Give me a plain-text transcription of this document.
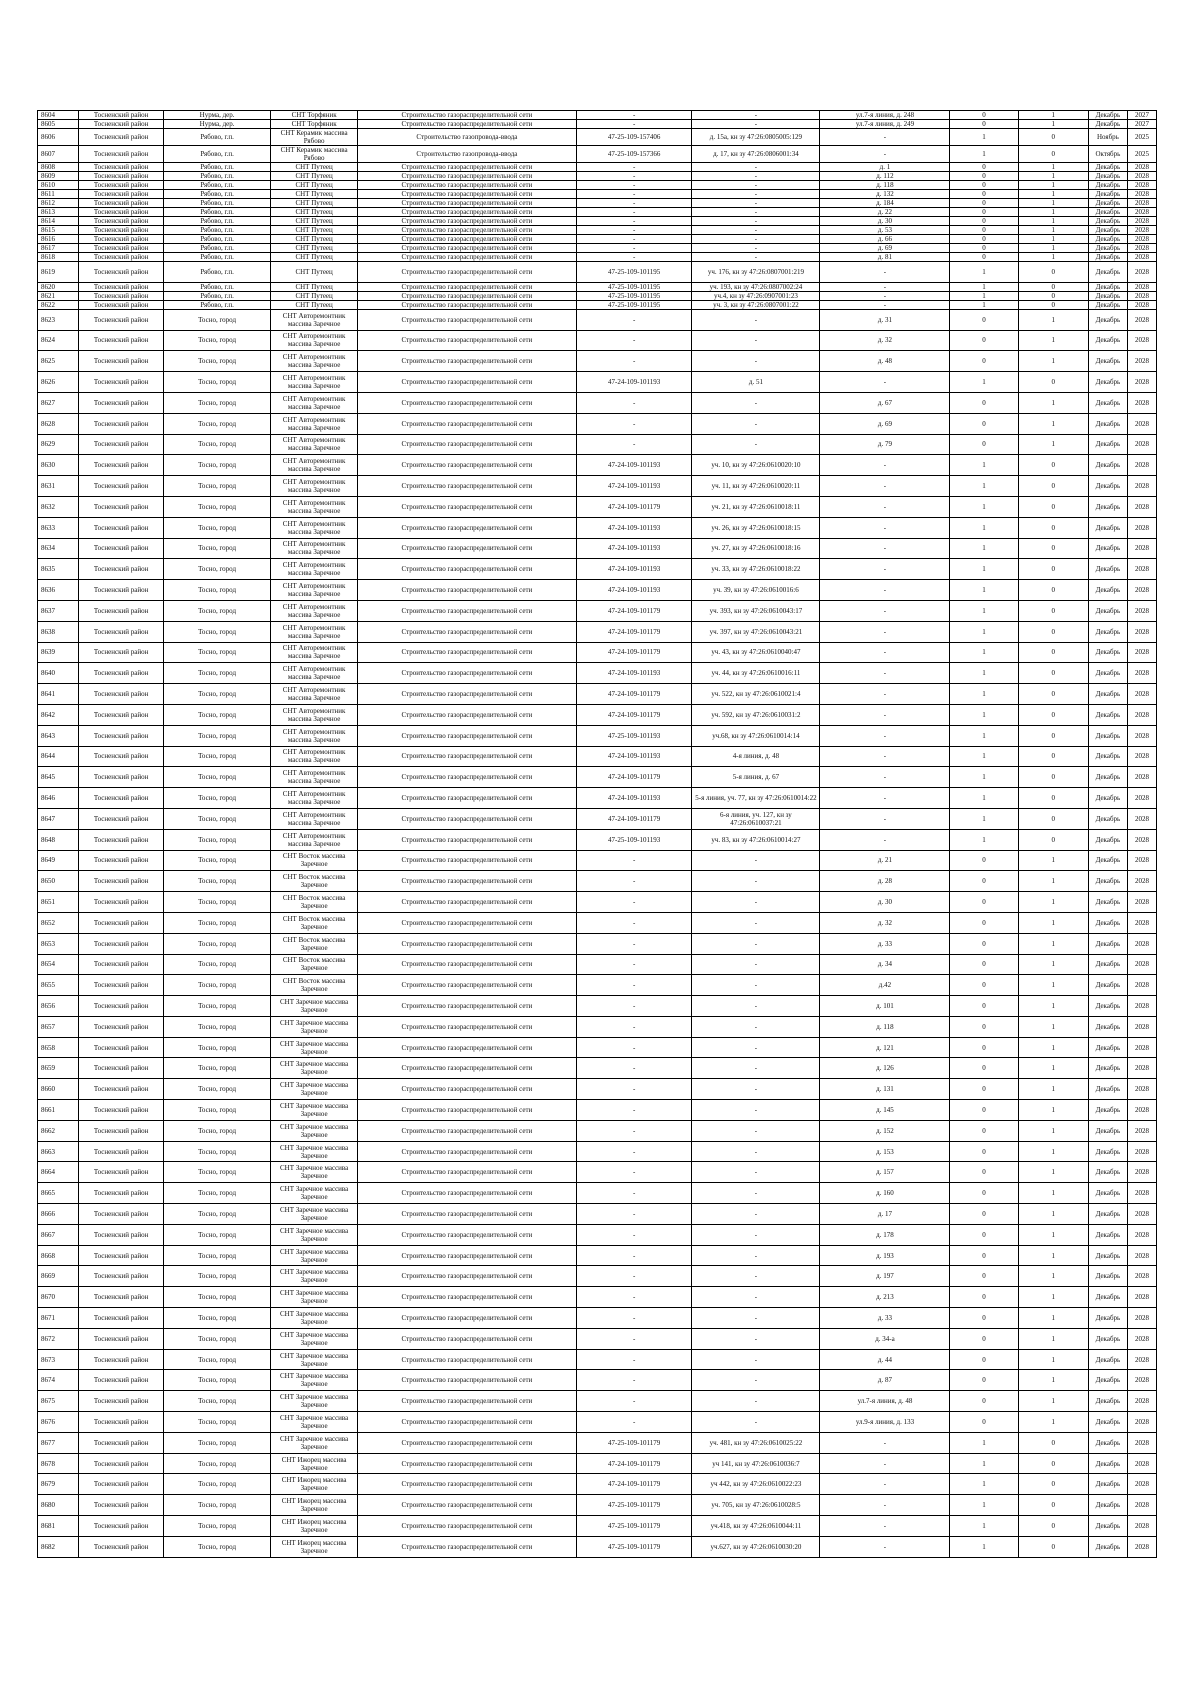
8604	Тосненский район	Нурма, дер.	СНТ Торфяник	Строительство газораспределительной сети	-	-	ул.7-я линия, д. 248	0	1	Декабрь	2027
8605	Тосненский район	Нурма, дер.	СНТ Торфяник	Строительство газораспределительной сети	-	-	ул.7-я линия, д. 249	0	1	Декабрь	2027
8606	Тосненский район	Рябово, г.п.	СНТ Керамик массива Рябово	Строительство газопровода-ввода	47-25-109-157406	д. 15а, кн зу 47:26:0805005:129	-	1	0	Ноябрь	2025
8607	Тосненский район	Рябово, г.п.	СНТ Керамик массива Рябово	Строительство газопровода-ввода	47-25-109-157366	д. 17, кн зу 47:26:0806001:34	-	1	0	Октябрь	2025
8608	Тосненский район	Рябово, г.п.	СНТ Путеец	Строительство газораспределительной сети	-	-	д. 1	0	1	Декабрь	2028
8609	Тосненский район	Рябово, г.п.	СНТ Путеец	Строительство газораспределительной сети	-	-	д. 112	0	1	Декабрь	2028
8610	Тосненский район	Рябово, г.п.	СНТ Путеец	Строительство газораспределительной сети	-	-	д. 118	0	1	Декабрь	2028
8611	Тосненский район	Рябово, г.п.	СНТ Путеец	Строительство газораспределительной сети	-	-	д. 132	0	1	Декабрь	2028
8612	Тосненский район	Рябово, г.п.	СНТ Путеец	Строительство газораспределительной сети	-	-	д. 184	0	1	Декабрь	2028
8613	Тосненский район	Рябово, г.п.	СНТ Путеец	Строительство газораспределительной сети	-	-	д. 22	0	1	Декабрь	2028
8614	Тосненский район	Рябово, г.п.	СНТ Путеец	Строительство газораспределительной сети	-	-	д. 30	0	1	Декабрь	2028
8615	Тосненский район	Рябово, г.п.	СНТ Путеец	Строительство газораспределительной сети	-	-	д. 53	0	1	Декабрь	2028
8616	Тосненский район	Рябово, г.п.	СНТ Путеец	Строительство газораспределительной сети	-	-	д. 66	0	1	Декабрь	2028
8617	Тосненский район	Рябово, г.п.	СНТ Путеец	Строительство газораспределительной сети	-	-	д. 69	0	1	Декабрь	2028
8618	Тосненский район	Рябово, г.п.	СНТ Путеец	Строительство газораспределительной сети	-	-	д. 81	0	1	Декабрь	2028
8619	Тосненский район	Рябово, г.п.	СНТ Путеец	Строительство газораспределительной сети	47-25-109-101195	уч. 176, кн зу 47:26:0807001:219	-	1	0	Декабрь	2028
8620	Тосненский район	Рябово, г.п.	СНТ Путеец	Строительство газораспределительной сети	47-25-109-101195	уч. 193, кн зу 47:26:0807002:24	-	1	0	Декабрь	2028
8621	Тосненский район	Рябово, г.п.	СНТ Путеец	Строительство газораспределительной сети	47-25-109-101195	уч.4, кн зу 47:26:0907001:23	-	1	0	Декабрь	2028
8622	Тосненский район	Рябово, г.п.	СНТ Путеец	Строительство газораспределительной сети	47-25-109-101195	уч. 3, кн зу 47:26:0807001:22	-	1	0	Декабрь	2028
8623	Тосненский район	Тосно, город	СНТ Авторемонтник массива Заречное	Строительство газораспределительной сети	-	-	д. 31	0	1	Декабрь	2028
8624	Тосненский район	Тосно, город	СНТ Авторемонтник массива Заречное	Строительство газораспределительной сети	-	-	д. 32	0	1	Декабрь	2028
8625	Тосненский район	Тосно, город	СНТ Авторемонтник массива Заречное	Строительство газораспределительной сети	-	-	д. 48	0	1	Декабрь	2028
8626	Тосненский район	Тосно, город	СНТ Авторемонтник массива Заречное	Строительство газораспределительной сети	47-24-109-101193	д. 51	-	1	0	Декабрь	2028
8627	Тосненский район	Тосно, город	СНТ Авторемонтник массива Заречное	Строительство газораспределительной сети	-	-	д. 67	0	1	Декабрь	2028
8628	Тосненский район	Тосно, город	СНТ Авторемонтник массива Заречное	Строительство газораспределительной сети	-	-	д. 69	0	1	Декабрь	2028
8629	Тосненский район	Тосно, город	СНТ Авторемонтник массива Заречное	Строительство газораспределительной сети	-	-	д. 79	0	1	Декабрь	2028
8630	Тосненский район	Тосно, город	СНТ Авторемонтник массива Заречное	Строительство газораспределительной сети	47-24-109-101193	уч. 10, кн зу 47:26:0610020:10	-	1	0	Декабрь	2028
8631	Тосненский район	Тосно, город	СНТ Авторемонтник массива Заречное	Строительство газораспределительной сети	47-24-109-101193	уч. 11, кн зу 47:26:0610020:11	-	1	0	Декабрь	2028
8632	Тосненский район	Тосно, город	СНТ Авторемонтник массива Заречное	Строительство газораспределительной сети	47-24-109-101179	уч. 21, кн зу 47:26:0610018:11	-	1	0	Декабрь	2028
8633	Тосненский район	Тосно, город	СНТ Авторемонтник массива Заречное	Строительство газораспределительной сети	47-24-109-101193	уч. 26, кн зу 47:26:0610018:15	-	1	0	Декабрь	2028
8634	Тосненский район	Тосно, город	СНТ Авторемонтник массива Заречное	Строительство газораспределительной сети	47-24-109-101193	уч. 27, кн зу 47:26:0610018:16	-	1	0	Декабрь	2028
8635	Тосненский район	Тосно, город	СНТ Авторемонтник массива Заречное	Строительство газораспределительной сети	47-24-109-101193	уч. 33, кн зу 47:26:0610018:22	-	1	0	Декабрь	2028
8636	Тосненский район	Тосно, город	СНТ Авторемонтник массива Заречное	Строительство газораспределительной сети	47-24-109-101193	уч. 39, кн зу 47:26:0610016:6	-	1	0	Декабрь	2028
8637	Тосненский район	Тосно, город	СНТ Авторемонтник массива Заречное	Строительство газораспределительной сети	47-24-109-101179	уч. 393, кн зу 47:26:0610043:17	-	1	0	Декабрь	2028
8638	Тосненский район	Тосно, город	СНТ Авторемонтник массива Заречное	Строительство газораспределительной сети	47-24-109-101179	уч. 397, кн зу 47:26:0610043:21	-	1	0	Декабрь	2028
8639	Тосненский район	Тосно, город	СНТ Авторемонтник массива Заречное	Строительство газораспределительной сети	47-24-109-101179	уч. 43, кн зу 47:26:0610040:47	-	1	0	Декабрь	2028
8640	Тосненский район	Тосно, город	СНТ Авторемонтник массива Заречное	Строительство газораспределительной сети	47-24-109-101193	уч. 44, кн зу 47:26:0610016:11	-	1	0	Декабрь	2028
8641	Тосненский район	Тосно, город	СНТ Авторемонтник массива Заречное	Строительство газораспределительной сети	47-24-109-101179	уч. 522, кн зу 47:26:0610021:4	-	1	0	Декабрь	2028
8642	Тосненский район	Тосно, город	СНТ Авторемонтник массива Заречное	Строительство газораспределительной сети	47-24-109-101179	уч. 592, кн зу 47:26:0610031:2	-	1	0	Декабрь	2028
8643	Тосненский район	Тосно, город	СНТ Авторемонтник массива Заречное	Строительство газораспределительной сети	47-25-109-101193	уч.68, кн зу 47:26:0610014:14	-	1	0	Декабрь	2028
8644	Тосненский район	Тосно, город	СНТ Авторемонтник массива Заречное	Строительство газораспределительной сети	47-24-109-101193	4-я линия, д. 48	-	1	0	Декабрь	2028
8645	Тосненский район	Тосно, город	СНТ Авторемонтник массива Заречное	Строительство газораспределительной сети	47-24-109-101179	5-я линия, д. 67	-	1	0	Декабрь	2028
8646	Тосненский район	Тосно, город	СНТ Авторемонтник массива Заречное	Строительство газораспределительной сети	47-24-109-101193	5-я линия, уч. 77, кн зу 47:26:0610014:22	-	1	0	Декабрь	2028
8647	Тосненский район	Тосно, город	СНТ Авторемонтник массива Заречное	Строительство газораспределительной сети	47-24-109-101179	6-я линия, уч. 127, кн зу 47:26:0610037:21	-	1	0	Декабрь	2028
8648	Тосненский район	Тосно, город	СНТ Авторемонтник массива Заречное	Строительство газораспределительной сети	47-25-109-101193	уч. 83, кн зу 47:26:0610014:27	-	1	0	Декабрь	2028
8649	Тосненский район	Тосно, город	СНТ Восток массива Заречное	Строительство газораспределительной сети	-	-	д. 21	0	1	Декабрь	2028
8650	Тосненский район	Тосно, город	СНТ Восток массива Заречное	Строительство газораспределительной сети	-	-	д. 28	0	1	Декабрь	2028
8651	Тосненский район	Тосно, город	СНТ Восток массива Заречное	Строительство газораспределительной сети	-	-	д. 30	0	1	Декабрь	2028
8652	Тосненский район	Тосно, город	СНТ Восток массива Заречное	Строительство газораспределительной сети	-	-	д. 32	0	1	Декабрь	2028
8653	Тосненский район	Тосно, город	СНТ Восток массива Заречное	Строительство газораспределительной сети	-	-	д. 33	0	1	Декабрь	2028
8654	Тосненский район	Тосно, город	СНТ Восток массива Заречное	Строительство газораспределительной сети	-	-	д. 34	0	1	Декабрь	2028
8655	Тосненский район	Тосно, город	СНТ Восток массива Заречное	Строительство газораспределительной сети	-	-	д.42	0	1	Декабрь	2028
8656	Тосненский район	Тосно, город	СНТ Заречное массива Заречное	Строительство газораспределительной сети	-	-	д. 101	0	1	Декабрь	2028
8657	Тосненский район	Тосно, город	СНТ Заречное массива Заречное	Строительство газораспределительной сети	-	-	д. 118	0	1	Декабрь	2028
8658	Тосненский район	Тосно, город	СНТ Заречное массива Заречное	Строительство газораспределительной сети	-	-	д. 121	0	1	Декабрь	2028
8659	Тосненский район	Тосно, город	СНТ Заречное массива Заречное	Строительство газораспределительной сети	-	-	д. 126	0	1	Декабрь	2028
8660	Тосненский район	Тосно, город	СНТ Заречное массива Заречное	Строительство газораспределительной сети	-	-	д. 131	0	1	Декабрь	2028
8661	Тосненский район	Тосно, город	СНТ Заречное массива Заречное	Строительство газораспределительной сети	-	-	д. 145	0	1	Декабрь	2028
8662	Тосненский район	Тосно, город	СНТ Заречное массива Заречное	Строительство газораспределительной сети	-	-	д. 152	0	1	Декабрь	2028
8663	Тосненский район	Тосно, город	СНТ Заречное массива Заречное	Строительство газораспределительной сети	-	-	д. 153	0	1	Декабрь	2028
8664	Тосненский район	Тосно, город	СНТ Заречное массива Заречное	Строительство газораспределительной сети	-	-	д. 157	0	1	Декабрь	2028
8665	Тосненский район	Тосно, город	СНТ Заречное массива Заречное	Строительство газораспределительной сети	-	-	д. 160	0	1	Декабрь	2028
8666	Тосненский район	Тосно, город	СНТ Заречное массива Заречное	Строительство газораспределительной сети	-	-	д. 17	0	1	Декабрь	2028
8667	Тосненский район	Тосно, город	СНТ Заречное массива Заречное	Строительство газораспределительной сети	-	-	д. 178	0	1	Декабрь	2028
8668	Тосненский район	Тосно, город	СНТ Заречное массива Заречное	Строительство газораспределительной сети	-	-	д. 193	0	1	Декабрь	2028
8669	Тосненский район	Тосно, город	СНТ Заречное массива Заречное	Строительство газораспределительной сети	-	-	д. 197	0	1	Декабрь	2028
8670	Тосненский район	Тосно, город	СНТ Заречное массива Заречное	Строительство газораспределительной сети	-	-	д. 213	0	1	Декабрь	2028
8671	Тосненский район	Тосно, город	СНТ Заречное массива Заречное	Строительство газораспределительной сети	-	-	д. 33	0	1	Декабрь	2028
8672	Тосненский район	Тосно, город	СНТ Заречное массива Заречное	Строительство газораспределительной сети	-	-	д. 34-а	0	1	Декабрь	2028
8673	Тосненский район	Тосно, город	СНТ Заречное массива Заречное	Строительство газораспределительной сети	-	-	д. 44	0	1	Декабрь	2028
8674	Тосненский район	Тосно, город	СНТ Заречное массива Заречное	Строительство газораспределительной сети	-	-	д. 87	0	1	Декабрь	2028
8675	Тосненский район	Тосно, город	СНТ Заречное массива Заречное	Строительство газораспределительной сети	-	-	ул.7-я линия, д. 48	0	1	Декабрь	2028
8676	Тосненский район	Тосно, город	СНТ Заречное массива Заречное	Строительство газораспределительной сети	-	-	ул.9-я линия, д. 133	0	1	Декабрь	2028
8677	Тосненский район	Тосно, город	СНТ Заречное массива Заречное	Строительство газораспределительной сети	47-25-109-101179	уч. 481, кн зу 47:26:0610025:22	-	1	0	Декабрь	2028
8678	Тосненский район	Тосно, город	СНТ Ижорец массива Заречное	Строительство газораспределительной сети	47-24-109-101179	уч 141, кн зу 47:26:0610036:7	-	1	0	Декабрь	2028
8679	Тосненский район	Тосно, город	СНТ Ижорец массива Заречное	Строительство газораспределительной сети	47-24-109-101179	уч 442, кн зу 47:26:0610022:23	-	1	0	Декабрь	2028
8680	Тосненский район	Тосно, город	СНТ Ижорец массива Заречное	Строительство газораспределительной сети	47-25-109-101179	уч. 705, кн зу 47:26:0610028:5	-	1	0	Декабрь	2028
8681	Тосненский район	Тосно, город	СНТ Ижорец массива Заречное	Строительство газораспределительной сети	47-25-109-101179	уч.418, кн зу 47:26:0610044:11	-	1	0	Декабрь	2028
8682	Тосненский район	Тосно, город	СНТ Ижорец массива Заречное	Строительство газораспределительной сети	47-25-109-101179	уч.627, кн зу 47:26:0610030:20	-	1	0	Декабрь	2028
